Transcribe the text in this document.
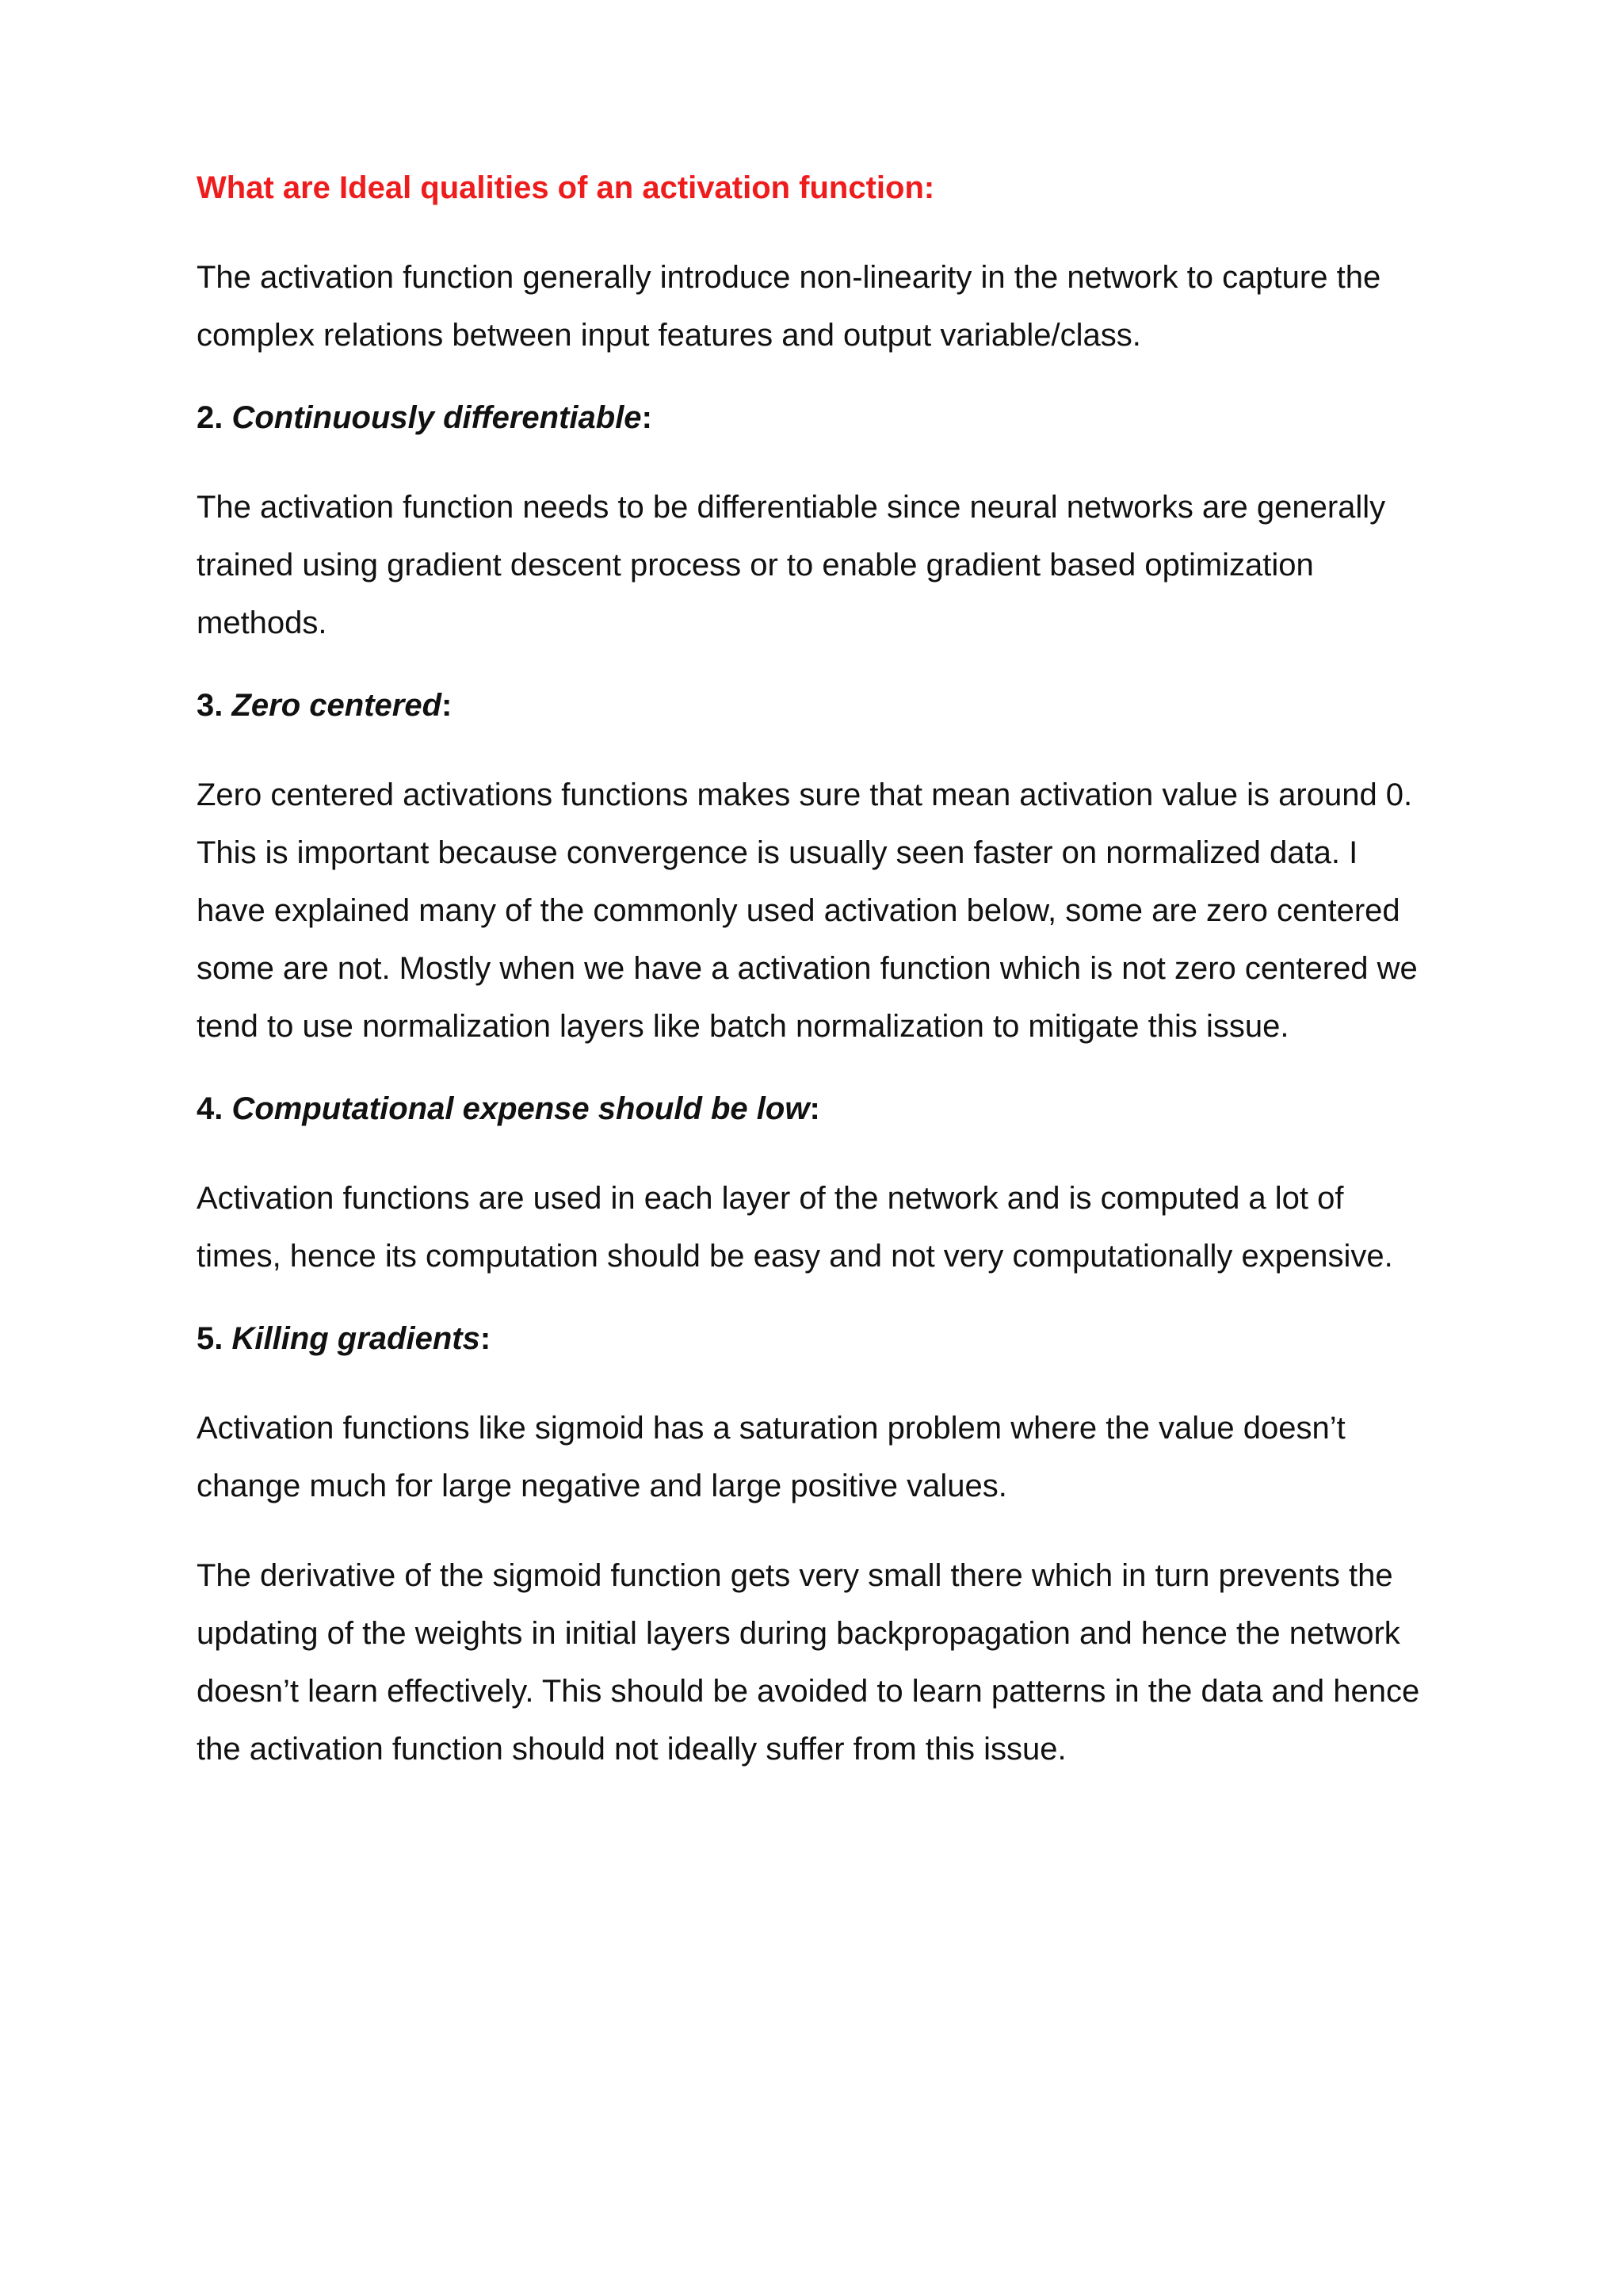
What are Ideal qualities of an activation function:
The activation function generally introduce non-linearity in the network to capture the complex relations between input features and output variable/class.
2. Continuously differentiable:
The activation function needs to be differentiable since neural networks are generally trained using gradient descent process or to enable gradient based optimization methods.
3. Zero centered:
Zero centered activations functions makes sure that mean activation value is around 0. This is important because convergence is usually seen faster on normalized data. I have explained many of the commonly used activation below, some are zero centered some are not. Mostly when we have a activation function which is not zero centered we tend to use normalization layers like batch normalization to mitigate this issue.
4. Computational expense should be low:
Activation functions are used in each layer of the network and is computed a lot of times, hence its computation should be easy and not very computationally expensive.
5. Killing gradients:
Activation functions like sigmoid has a saturation problem where the value doesn’t change much for large negative and large positive values.
The derivative of the sigmoid function gets very small there which in turn prevents the updating of the weights in initial layers during backpropagation and hence the network doesn’t learn effectively. This should be avoided to learn patterns in the data and hence the activation function should not ideally suffer from this issue.
